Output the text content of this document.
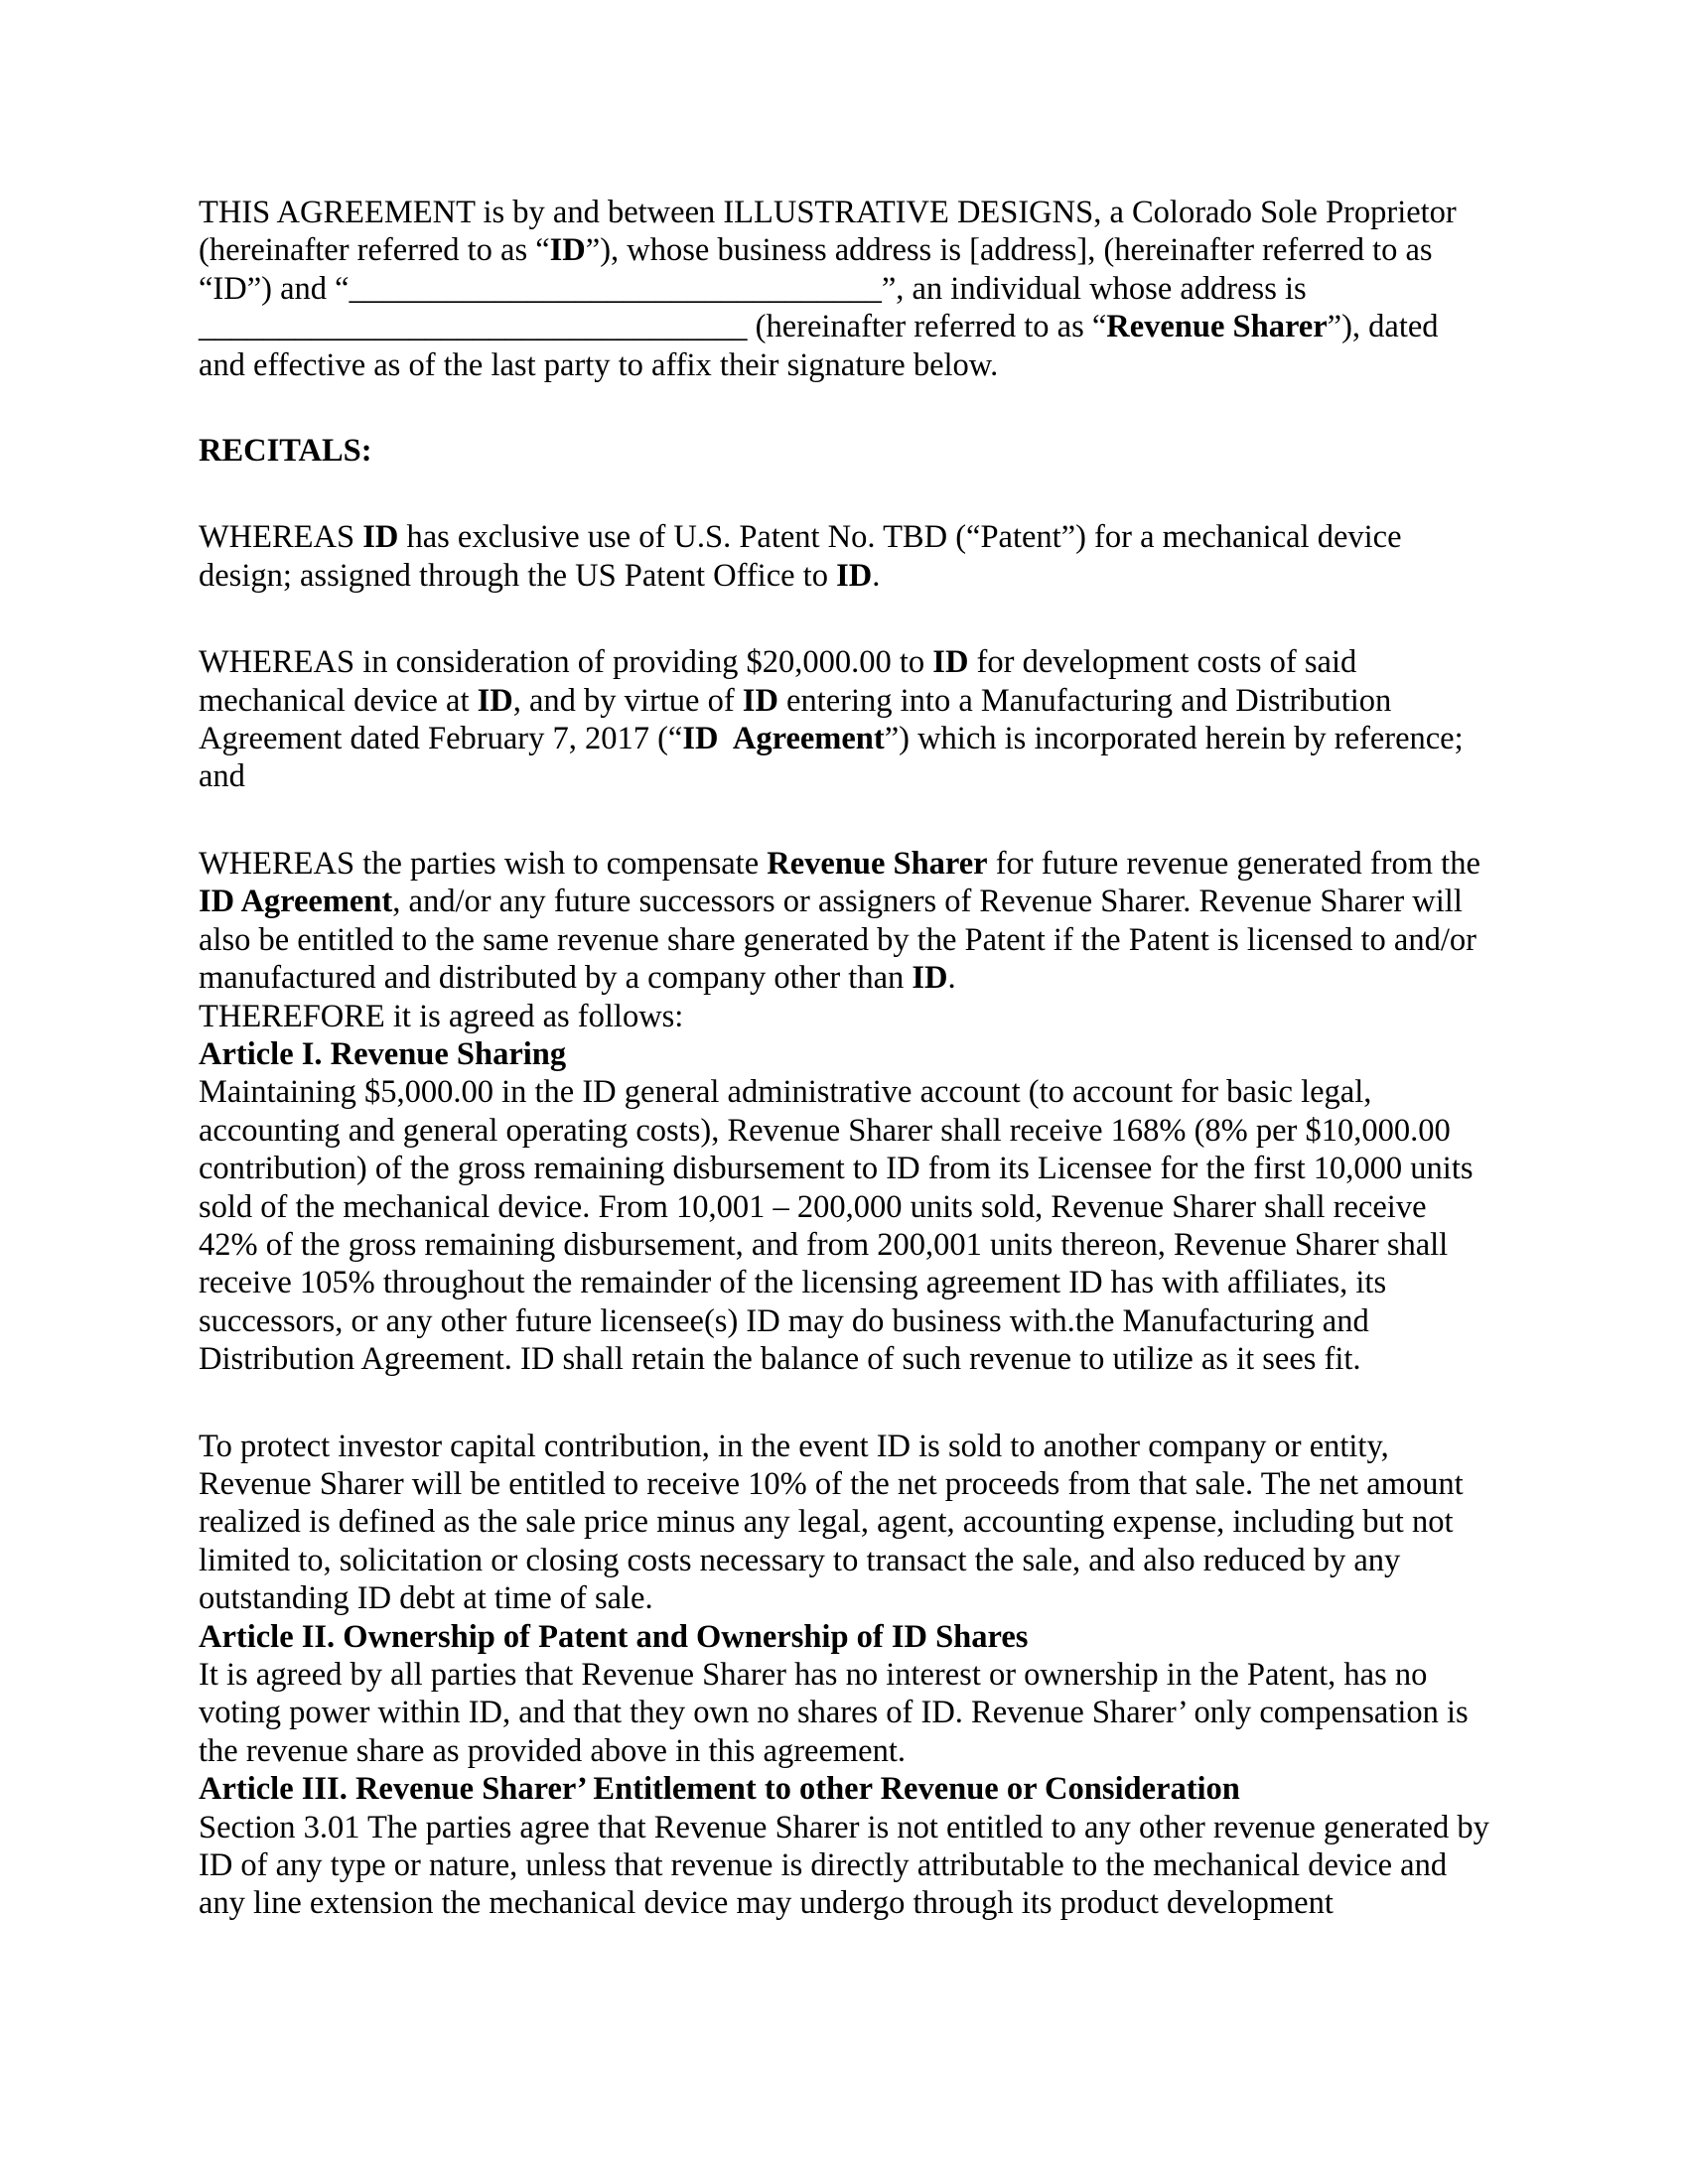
THIS AGREEMENT is by and between ILLUSTRATIVE DESIGNS, a Colorado Sole Proprietor (hereinafter referred to as “ID”), whose business address is [address], (hereinafter referred to as “ID”) and “_________________________________”, an individual whose address is __________________________________ (hereinafter referred to as “Revenue Sharer”), dated and effective as of the last party to affix their signature below.

RECITALS:

WHEREAS ID has exclusive use of U.S. Patent No. TBD (“Patent”) for a mechanical device design; assigned through the US Patent Office to ID.

WHEREAS in consideration of providing $20,000.00 to ID for development costs of said mechanical device at ID, and by virtue of ID entering into a Manufacturing and Distribution Agreement dated February 7, 2017 (“ID  Agreement”) which is incorporated herein by reference; and

WHEREAS the parties wish to compensate Revenue Sharer for future revenue generated from the ID Agreement, and/or any future successors or assigners of Revenue Sharer. Revenue Sharer will also be entitled to the same revenue share generated by the Patent if the Patent is licensed to and/or manufactured and distributed by a company other than ID.

THEREFORE it is agreed as follows:

Article I. Revenue Sharing

Maintaining $5,000.00 in the ID general administrative account (to account for basic legal, accounting and general operating costs), Revenue Sharer shall receive 168% (8% per $10,000.00 contribution) of the gross remaining disbursement to ID from its Licensee for the first 10,000 units sold of the mechanical device. From 10,001 – 200,000 units sold, Revenue Sharer shall receive 42% of the gross remaining disbursement, and from 200,001 units thereon, Revenue Sharer shall receive 105% throughout the remainder of the licensing agreement ID has with affiliates, its successors, or any other future licensee(s) ID may do business with.the Manufacturing and Distribution Agreement. ID shall retain the balance of such revenue to utilize as it sees fit.

To protect investor capital contribution, in the event ID is sold to another company or entity, Revenue Sharer will be entitled to receive 10% of the net proceeds from that sale. The net amount realized is defined as the sale price minus any legal, agent, accounting expense, including but not limited to, solicitation or closing costs necessary to transact the sale, and also reduced by any outstanding ID debt at time of sale.

Article II. Ownership of Patent and Ownership of ID Shares

It is agreed by all parties that Revenue Sharer has no interest or ownership in the Patent, has no voting power within ID, and that they own no shares of ID. Revenue Sharer’ only compensation is the revenue share as provided above in this agreement.

Article III. Revenue Sharer’ Entitlement to other Revenue or Consideration

Section 3.01 The parties agree that Revenue Sharer is not entitled to any other revenue generated by ID of any type or nature, unless that revenue is directly attributable to the mechanical device and any line extension the mechanical device may undergo through its product development
